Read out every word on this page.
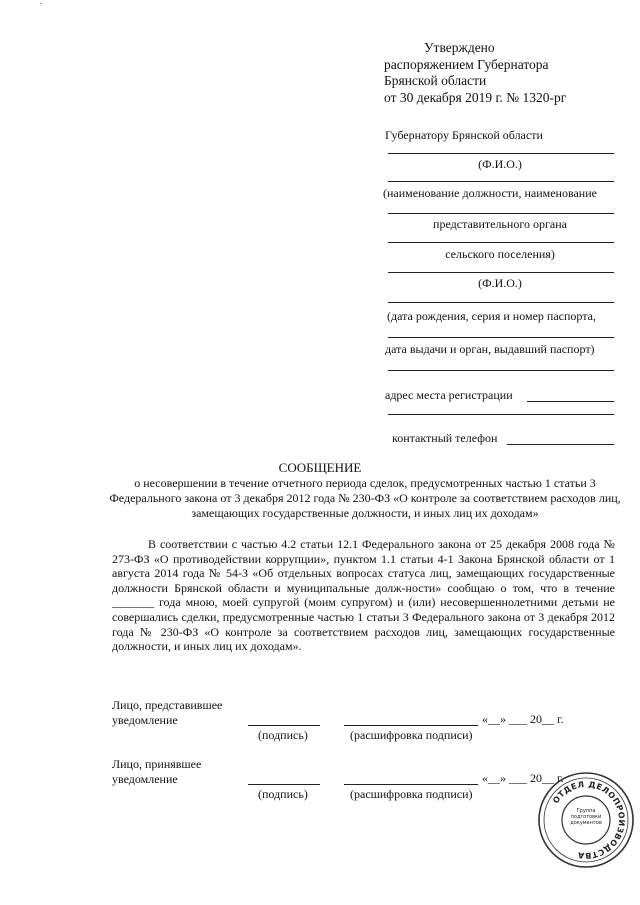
Утверждено
распоряжением Губернатора
Брянской области
от 30 декабря 2019 г. № 1320-рг
Губернатору Брянской области
(Ф.И.О.)
(наименование должности, наименование
представительного органа
сельского поселения)
(Ф.И.О.)
(дата рождения, серия и номер паспорта,
дата выдачи и орган, выдавший паспорт)
адрес места регистрации
контактный телефон
СООБЩЕНИЕ
о несовершении в течение отчетного периода сделок, предусмотренных частью 1 статьи 3 Федерального закона от 3 декабря 2012 года № 230-ФЗ «О контроле за соответствием расходов лиц, замещающих государственные должности, и иных лиц их доходам»
В соответствии с частью 4.2 статьи 12.1 Федерального закона от 25 декабря 2008 года № 273-ФЗ «О противодействии коррупции», пунктом 1.1 статьи 4-1 Закона Брянской области от 1 августа 2014 года № 54-З «Об отдельных вопросах статуса лиц, замещающих государственные должности Брянской области и муниципальные долж-ности» сообщаю о том, что в течение _______ года мною, моей супругой (моим супругом) и (или) несовершеннолетними детьми не совершались сделки, предусмотренные частью 1 статьи 3 Федерального закона от 3 декабря 2012 года № 230-ФЗ «О контроле за соответствием расходов лиц, замещающих государственные должности, и иных лиц их доходам».
Лицо, представившее
уведомление	«__» ___ 20__ г.
(подпись)	(расшифровка подписи)
Лицо, принявшее
уведомление	«__» ___ 20__ г.
(подпись)	(расшифровка подписи)	ОТДЕЛ ДЕЛОПРОИЗВОДСТВА
Группа подготовки документов
